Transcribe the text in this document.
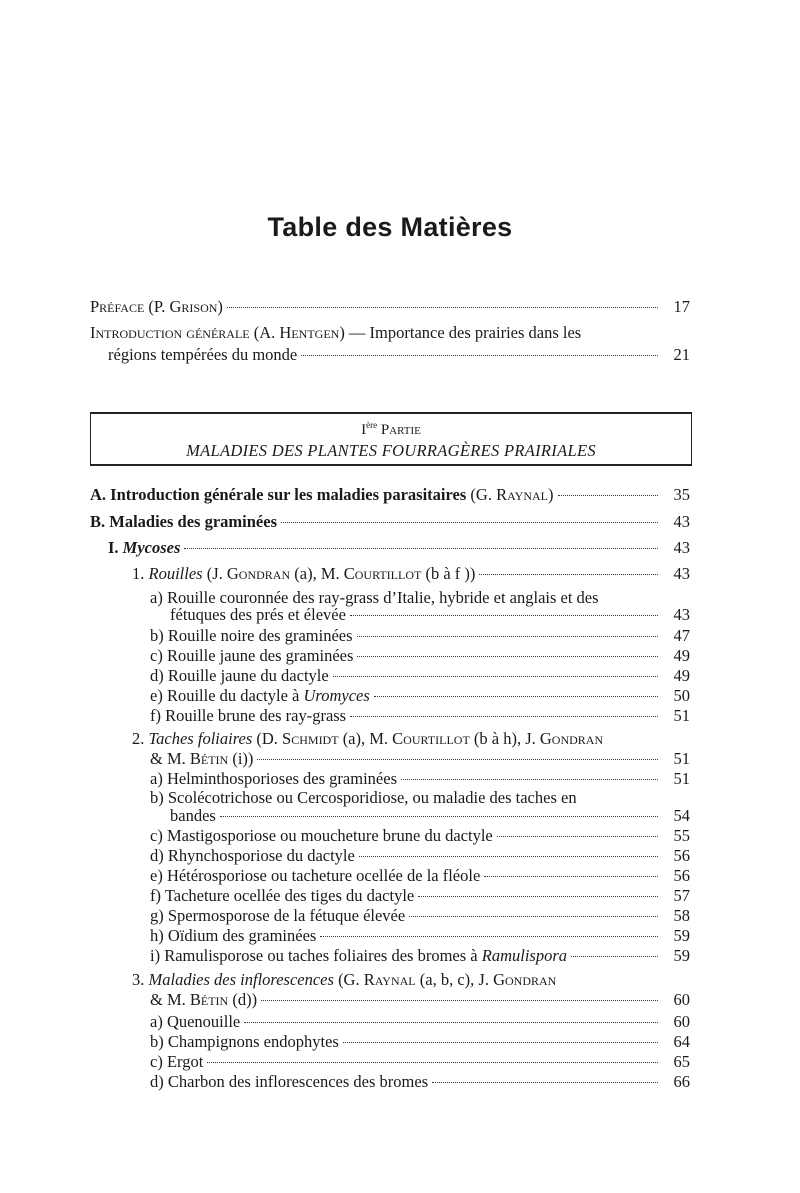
Table des Matières
Préface (P. Grison)	17
Introduction générale (A. Hentgen) — Importance des prairies dans les
régions tempérées du monde	21
Ière Partie
MALADIES DES PLANTES FOURRAGÈRES PRAIRIALES
A. Introduction générale sur les maladies parasitaires (G. Raynal)	35
B. Maladies des graminées	43
I. Mycoses	43
1. Rouilles (J. Gondran (a), M. Courtillot (b à f ))	43
a) Rouille couronnée des ray-grass d’Italie, hybride et anglais et des
fétuques des prés et élevée	43
b) Rouille noire des graminées	47
c) Rouille jaune des graminées	49
d) Rouille jaune du dactyle	49
e) Rouille du dactyle à Uromyces	50
f) Rouille brune des ray-grass	51
2. Taches foliaires (D. Schmidt (a), M. Courtillot (b à h), J. Gondran
& M. Bétin (i))	51
a) Helminthosporioses des graminées	51
b) Scolécotrichose ou Cercosporidiose, ou maladie des taches en
bandes	54
c) Mastigosporiose ou moucheture brune du dactyle	55
d) Rhynchosporiose du dactyle	56
e) Hétérosporiose ou tacheture ocellée de la fléole	56
f) Tacheture ocellée des tiges du dactyle	57
g) Spermosporose de la fétuque élevée	58
h) Oïdium des graminées	59
i) Ramulisporose ou taches foliaires des bromes à Ramulispora	59
3. Maladies des inflorescences (G. Raynal (a, b, c), J. Gondran
& M. Bétin (d))	60
a) Quenouille	60
b) Champignons endophytes	64
c) Ergot	65
d) Charbon des inflorescences des bromes	66
